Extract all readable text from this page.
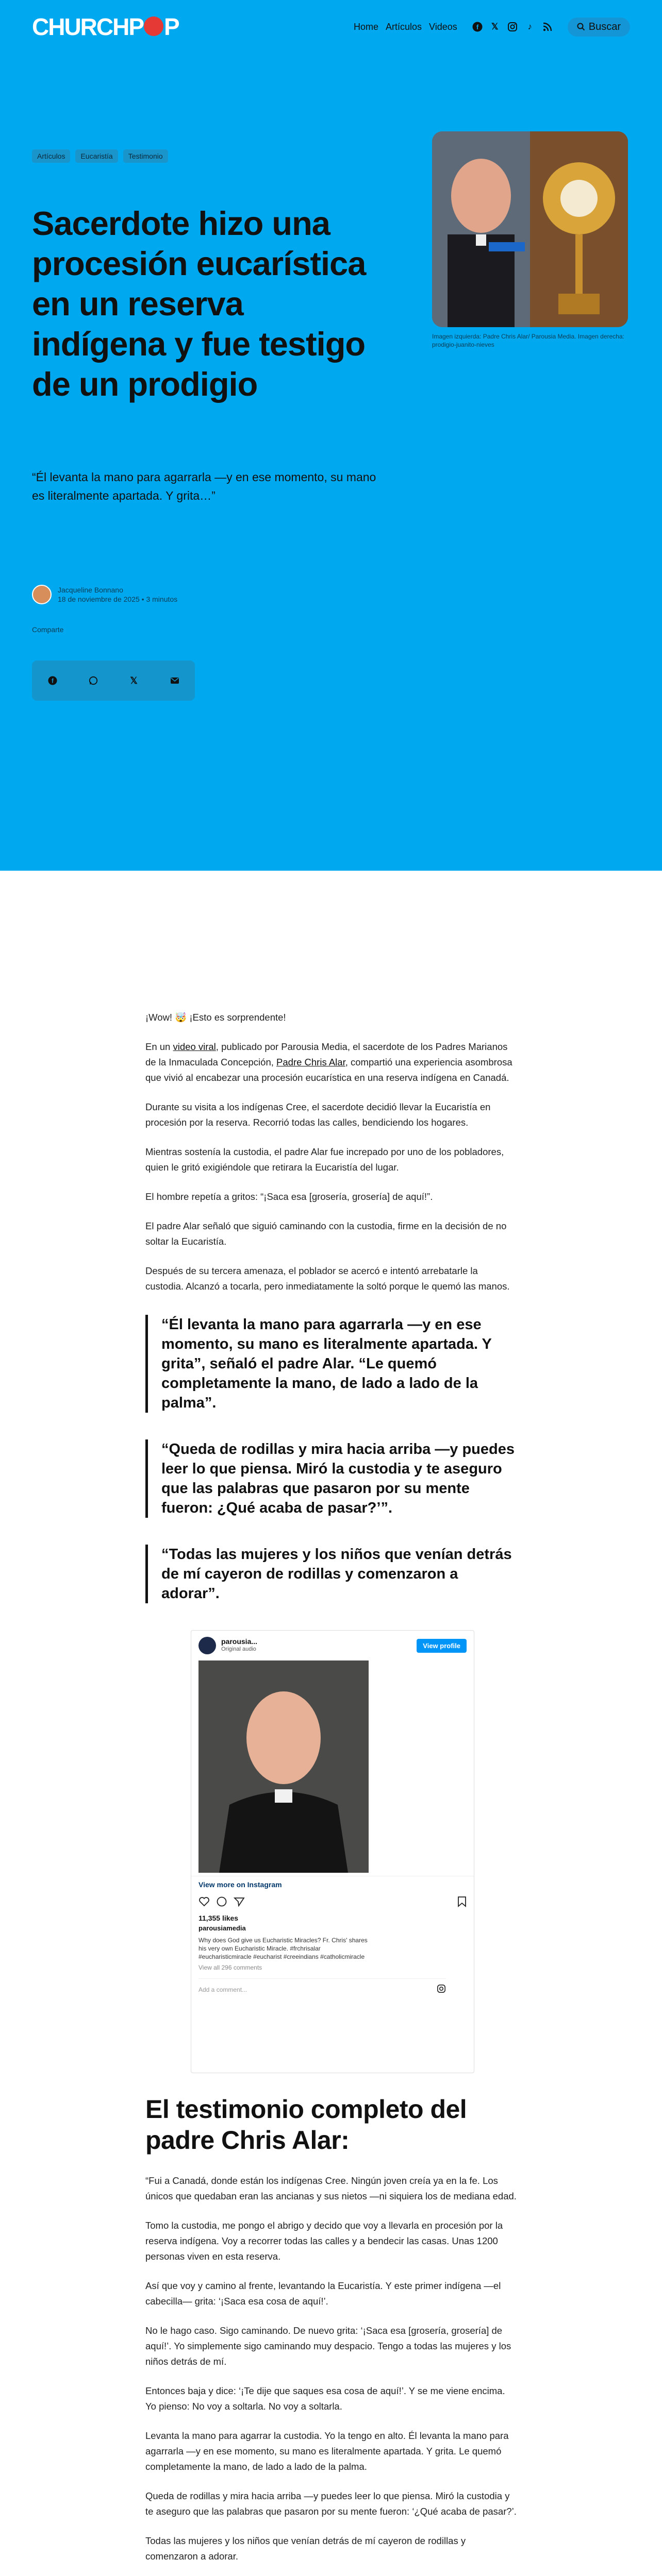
CHURCH P P	Home Artículos Videos	f 𝕏	♪	Buscar
Artículos	Eucaristía	Testimonio
Sacerdote hizo una procesión eucarística en un reserva indígena y fue testigo de un prodigio

“Él levanta la mano para agarrarla —y en ese momento, su mano es literalmente apartada. Y grita…”

Imagen izquierda: Padre Chris Alar/ Parousia Media. Imagen derecha: prodigio-juanito-nieves

Jacqueline Bonnano
18 de noviembre de 2025 • 3 minutos
Comparte
f	𝕏

¡Wow! 🤯 ¡Esto es sorprendente!

En un video viral, publicado por Parousia Media, el sacerdote de los Padres Marianos de la Inmaculada Concepción, Padre Chris Alar, compartió una experiencia asombrosa que vivió al encabezar una procesión eucarística en una reserva indígena en Canadá.

Durante su visita a los indígenas Cree, el sacerdote decidió llevar la Eucaristía en procesión por la reserva. Recorrió todas las calles, bendiciendo los hogares.

Mientras sostenía la custodia, el padre Alar fue increpado por uno de los pobladores, quien le gritó exigiéndole que retirara la Eucaristía del lugar.

El hombre repetía a gritos: “¡Saca esa [grosería, grosería] de aquí!”.

El padre Alar señaló que siguió caminando con la custodia, firme en la decisión de no soltar la Eucaristía.

Después de su tercera amenaza, el poblador se acercó e intentó arrebatarle la custodia. Alcanzó a tocarla, pero inmediatamente la soltó porque le quemó las manos.

“Él levanta la mano para agarrarla —y en ese momento, su mano es literalmente apartada. Y grita”, señaló el padre Alar. “Le quemó completamente la mano, de lado a lado de la palma”.
“Queda de rodillas y mira hacia arriba —y puedes leer lo que piensa. Miró la custodia y te aseguro que las palabras que pasaron por su mente fueron: ¿Qué acaba de pasar?’”.
“Todas las mujeres y los niños que venían detrás de mí cayeron de rodillas y comenzaron a adorar”.
parousia...
Original audio	View profile
View more on Instagram
11,355 likes
parousiamedia
Why does God give us Eucharistic Miracles? Fr. Chris' shares his very own Eucharistic Miracle. #frchrisalar #eucharisticmiracle #eucharist #creeindians #catholicmiracle
View all 296 comments
Add a comment...
El testimonio completo del padre Chris Alar:

“Fui a Canadá, donde están los indígenas Cree. Ningún joven creía ya en la fe. Los únicos que quedaban eran las ancianas y sus nietos —ni siquiera los de mediana edad.

Tomo la custodia, me pongo el abrigo y decido que voy a llevarla en procesión por la reserva indígena. Voy a recorrer todas las calles y a bendecir las casas. Unas 1200 personas viven en esta reserva.

Así que voy y camino al frente, levantando la Eucaristía. Y este primer indígena —el cabecilla— grita: ‘¡Saca esa cosa de aquí!’.

No le hago caso. Sigo caminando. De nuevo grita: ‘¡Saca esa [grosería, grosería] de aquí!’. Yo simplemente sigo caminando muy despacio. Tengo a todas las mujeres y los niños detrás de mí.

Entonces baja y dice: ‘¡Te dije que saques esa cosa de aquí!’. Y se me viene encima. Yo pienso: No voy a soltarla. No voy a soltarla.

Levanta la mano para agarrar la custodia. Yo la tengo en alto. Él levanta la mano para agarrarla —y en ese momento, su mano es literalmente apartada. Y grita. Le quemó completamente la mano, de lado a lado de la palma.

Queda de rodillas y mira hacia arriba —y puedes leer lo que piensa. Miró la custodia y te aseguro que las palabras que pasaron por su mente fueron: ‘¿Qué acaba de pasar?’.

Todas las mujeres y los niños que venían detrás de mí cayeron de rodillas y comenzaron a adorar.
